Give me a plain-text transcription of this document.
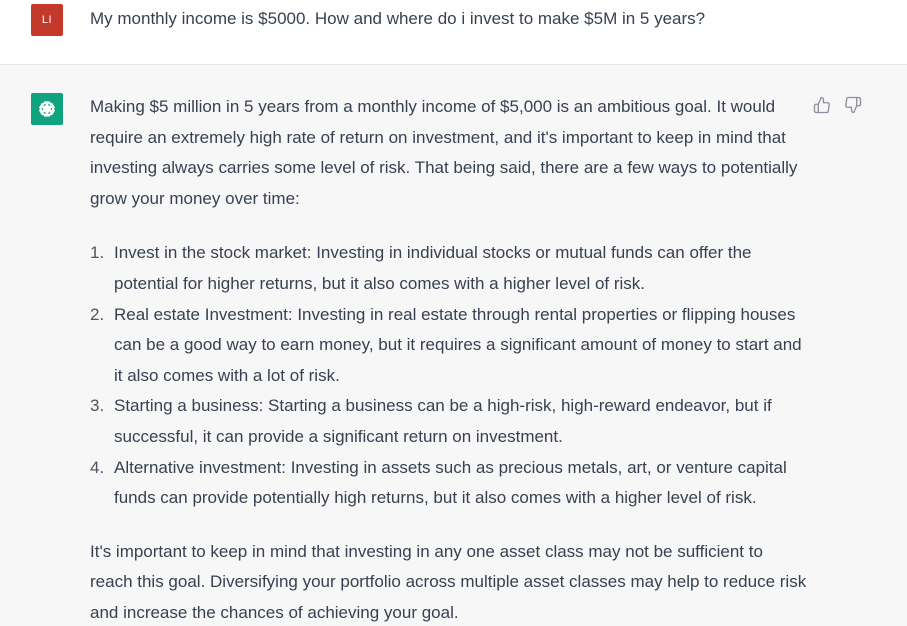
LI	My monthly income is $5000. How and where do i invest to make $5M in 5 years?

Making $5 million in 5 years from a monthly income of $5,000 is an ambitious goal. It would require an extremely high rate of return on investment, and it's important to keep in mind that investing always carries some level of risk. That being said, there are a few ways to potentially grow your money over time:

1. Invest in the stock market: Investing in individual stocks or mutual funds can offer the potential for higher returns, but it also comes with a higher level of risk.
2. Real estate Investment: Investing in real estate through rental properties or flipping houses can be a good way to earn money, but it requires a significant amount of money to start and it also comes with a lot of risk.
3. Starting a business: Starting a business can be a high-risk, high-reward endeavor, but if successful, it can provide a significant return on investment.
4. Alternative investment: Investing in assets such as precious metals, art, or venture capital funds can provide potentially high returns, but it also comes with a higher level of risk.

It's important to keep in mind that investing in any one asset class may not be sufficient to reach this goal. Diversifying your portfolio across multiple asset classes may help to reduce risk and increase the chances of achieving your goal.
